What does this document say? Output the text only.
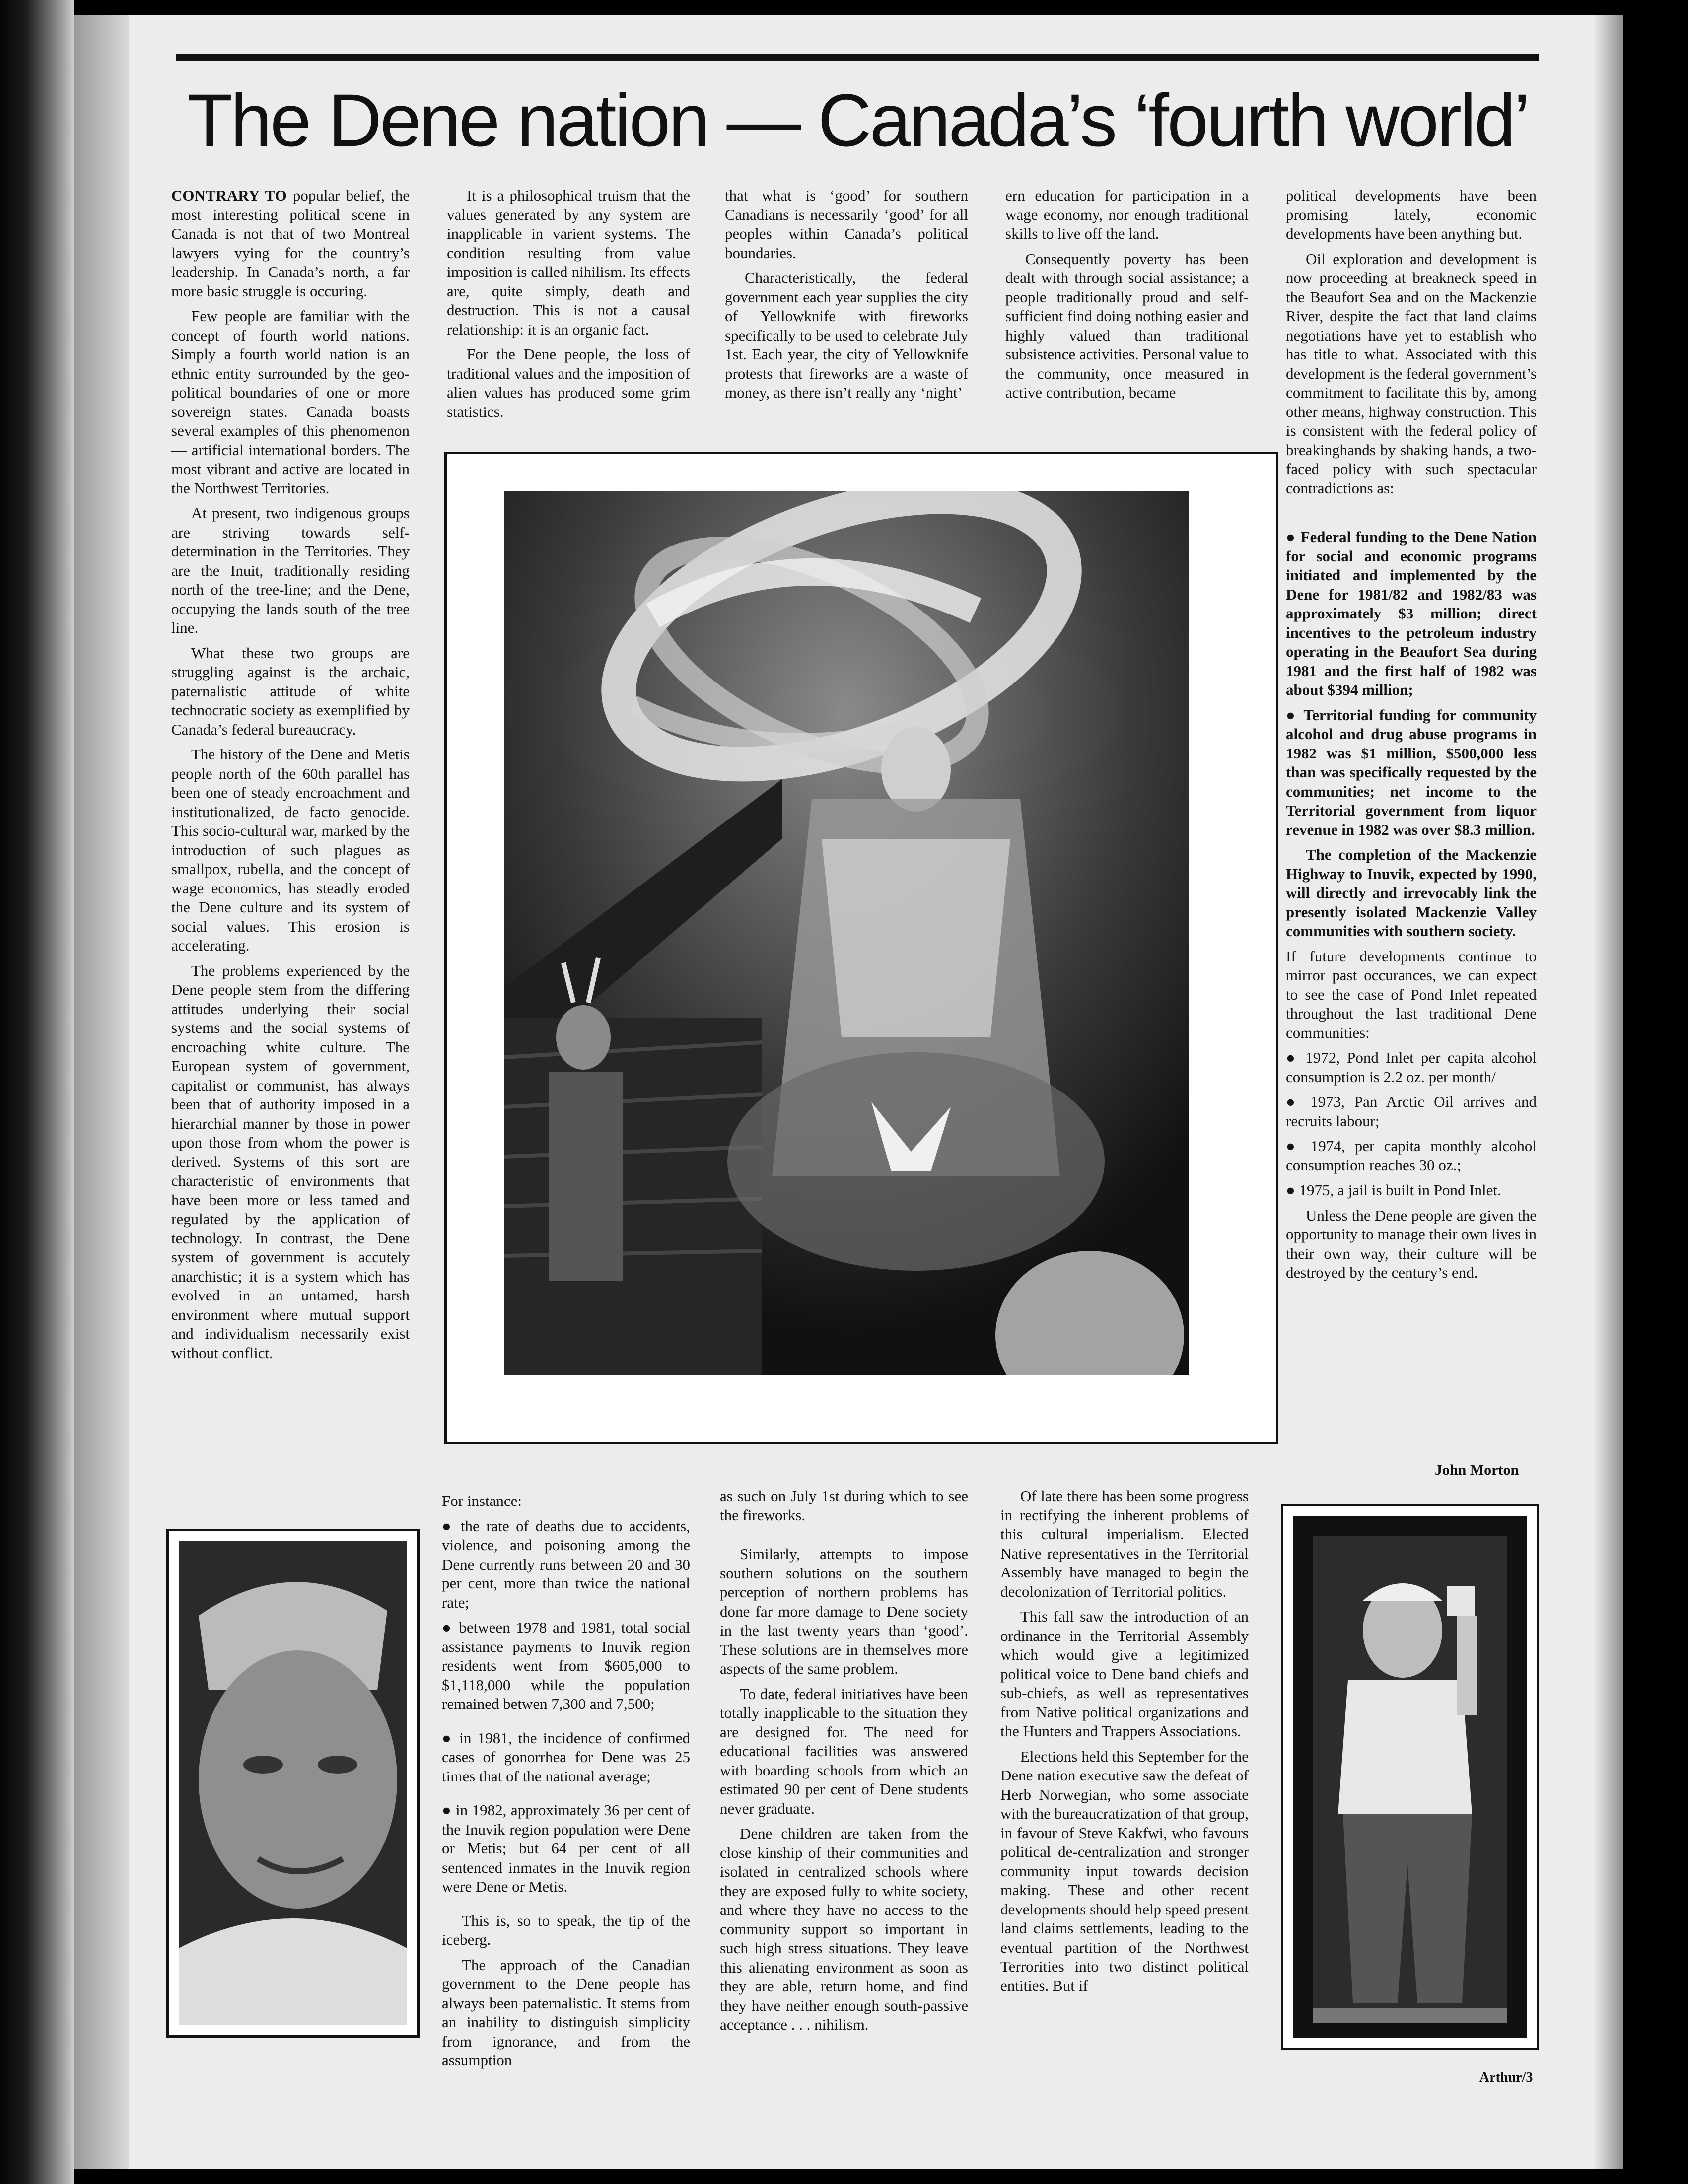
The Dene nation — Canada’s ‘fourth world’

CONTRARY TO popular belief, the most interesting political scene in Canada is not that of two Montreal lawyers vying for the country’s leadership. In Canada’s north, a far more basic struggle is occuring.

Few people are familiar with the concept of fourth world nations. Simply a fourth world nation is an ethnic entity surrounded by the geo-political boundaries of one or more sovereign states. Canada boasts several examples of this phenomenon — artificial international borders. The most vibrant and active are located in the Northwest Territories.

At present, two indigenous groups are striving towards self-determination in the Territories. They are the Inuit, traditionally residing north of the tree-line; and the Dene, occupying the lands south of the tree line.

What these two groups are struggling against is the archaic, paternalistic attitude of white technocratic society as exemplified by Canada’s federal bureaucracy.

The history of the Dene and Metis people north of the 60th parallel has been one of steady encroachment and institutionalized, de facto genocide. This socio-cultural war, marked by the introduction of such plagues as smallpox, rubella, and the concept of wage economics, has steadly eroded the Dene culture and its system of social values. This erosion is accelerating.

The problems experienced by the Dene people stem from the differing attitudes underlying their social systems and the social systems of encroaching white culture. The European system of government, capitalist or communist, has always been that of authority imposed in a hierarchial manner by those in power upon those from whom the power is derived. Systems of this sort are characteristic of environments that have been more or less tamed and regulated by the application of technology. In contrast, the Dene system of government is accutely anarchistic; it is a system which has evolved in an untamed, harsh environment where mutual support and individualism necessarily exist without conflict.

It is a philosophical truism that the values generated by any system are inapplicable in varient systems. The condition resulting from value imposition is called nihilism. Its effects are, quite simply, death and destruction. This is not a causal relationship: it is an organic fact.

For the Dene people, the loss of traditional values and the imposition of alien values has produced some grim statistics.

that what is ‘good’ for southern Canadians is necessarily ‘good’ for all peoples within Canada’s political boundaries.

Characteristically, the federal government each year supplies the city of Yellowknife with fireworks specifically to be used to celebrate July 1st. Each year, the city of Yellowknife protests that fireworks are a waste of money, as there isn’t really any ‘night’

ern education for participation in a wage economy, nor enough traditional skills to live off the land.

Consequently poverty has been dealt with through social assistance; a people traditionally proud and self-sufficient find doing nothing easier and highly valued than traditional subsistence activities. Personal value to the community, once measured in active contribution, became

political developments have been promising lately, economic developments have been anything but.

Oil exploration and development is now proceeding at breakneck speed in the Beaufort Sea and on the Mackenzie River, despite the fact that land claims negotiations have yet to establish who has title to what. Associated with this development is the federal government’s commitment to facilitate this by, among other means, highway construction. This is consistent with the federal policy of breakinghands by shaking hands, a two-faced policy with such spectacular contradictions as:

● Federal funding to the Dene Nation for social and economic programs initiated and implemented by the Dene for 1981/82 and 1982/83 was approximately $3 million; direct incentives to the petroleum industry operating in the Beaufort Sea during 1981 and the first half of 1982 was about $394 million;

● Territorial funding for community alcohol and drug abuse programs in 1982 was $1 million, $500,000 less than was specifically requested by the communities; net income to the Territorial government from liquor revenue in 1982 was over $8.3 million.

The completion of the Mackenzie Highway to Inuvik, expected by 1990, will directly and irrevocably link the presently isolated Mackenzie Valley communities with southern society.

If future developments continue to mirror past occurances, we can expect to see the case of Pond Inlet repeated throughout the last traditional Dene communities:

● 1972, Pond Inlet per capita alcohol consumption is 2.2 oz. per month/

● 1973, Pan Arctic Oil arrives and recruits labour;

● 1974, per capita monthly alcohol consumption reaches 30 oz.;

● 1975, a jail is built in Pond Inlet.

Unless the Dene people are given the opportunity to manage their own lives in their own way, their culture will be destroyed by the century’s end.

John Morton

For instance:

● the rate of deaths due to accidents, violence, and poisoning among the Dene currently runs between 20 and 30 per cent, more than twice the national rate;

● between 1978 and 1981, total social assistance payments to Inuvik region residents went from $605,000 to $1,118,000 while the population remained betwen 7,300 and 7,500;

● in 1981, the incidence of confirmed cases of gonorrhea for Dene was 25 times that of the national average;

● in 1982, approximately 36 per cent of the Inuvik region population were Dene or Metis; but 64 per cent of all sentenced inmates in the Inuvik region were Dene or Metis.

This is, so to speak, the tip of the iceberg.

The approach of the Canadian government to the Dene people has always been paternalistic. It stems from an inability to distinguish simplicity from ignorance, and from the assumption

as such on July 1st during which to see the fireworks.

Similarly, attempts to impose southern solutions on the southern perception of northern problems has done far more damage to Dene society in the last twenty years than ‘good’. These solutions are in themselves more aspects of the same problem.

To date, federal initiatives have been totally inapplicable to the situation they are designed for. The need for educational facilities was answered with boarding schools from which an estimated 90 per cent of Dene students never graduate.

Dene children are taken from the close kinship of their communities and isolated in centralized schools where they are exposed fully to white society, and where they have no access to the community support so important in such high stress situations. They leave this alienating environment as soon as they are able, return home, and find they have neither enough south-passive acceptance . . . nihilism.

Of late there has been some progress in rectifying the inherent problems of this cultural imperialism. Elected Native representatives in the Territorial Assembly have managed to begin the decolonization of Territorial politics.

This fall saw the introduction of an ordinance in the Territorial Assembly which would give a legitimized political voice to Dene band chiefs and sub-chiefs, as well as representatives from Native political organizations and the Hunters and Trappers Associations.

Elections held this September for the Dene nation executive saw the defeat of Herb Norwegian, who some associate with the bureaucratization of that group, in favour of Steve Kakfwi, who favours political de-centralization and stronger community input towards decision making. These and other recent developments should help speed present land claims settlements, leading to the eventual partition of the Northwest Terrorities into two distinct political entities. But if

Arthur/3
